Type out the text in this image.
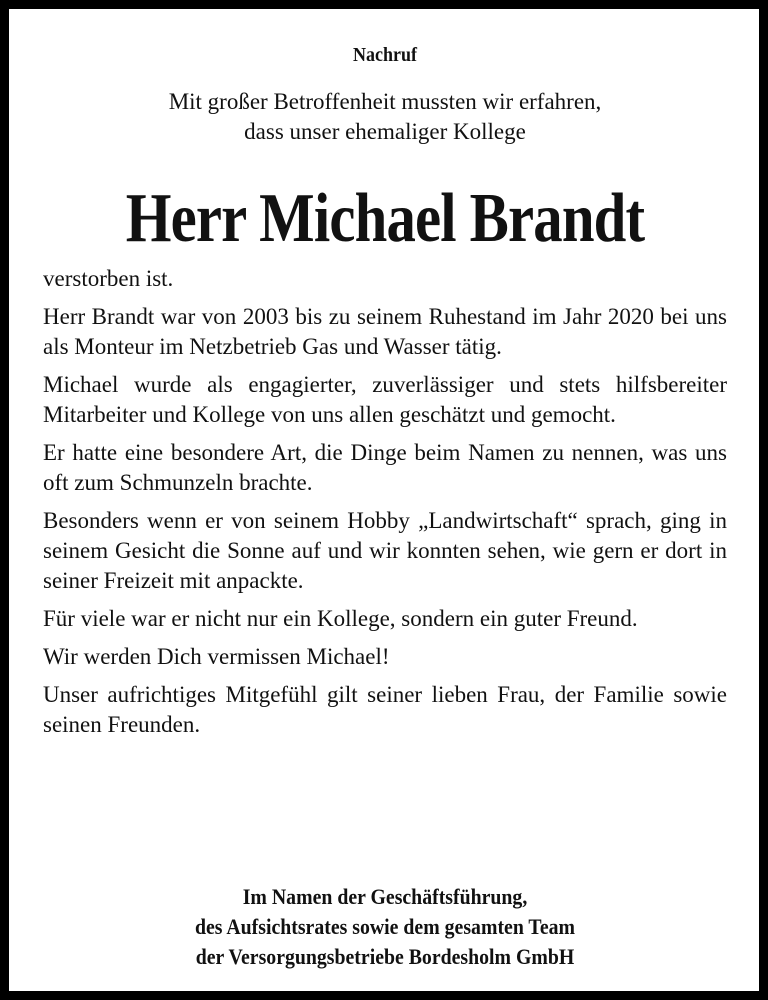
Nachruf
Mit großer Betroffenheit mussten wir erfahren,
dass unser ehemaliger Kollege
Herr Michael Brandt

verstorben ist.

Herr Brandt war von 2003 bis zu seinem Ruhestand im Jahr 2020 bei uns als Monteur im Netzbetrieb Gas und Wasser tätig.

Michael wurde als engagierter, zuverlässiger und stets hilfsbereiter Mitarbeiter und Kollege von uns allen geschätzt und gemocht.

Er hatte eine besondere Art, die Dinge beim Namen zu nennen, was uns oft zum Schmunzeln brachte.

Besonders wenn er von seinem Hobby „Landwirtschaft“ sprach, ging in seinem Gesicht die Sonne auf und wir konnten sehen, wie gern er dort in seiner Freizeit mit anpackte.

Für viele war er nicht nur ein Kollege, sondern ein guter Freund.

Wir werden Dich vermissen Michael!

Unser aufrichtiges Mitgefühl gilt seiner lieben Frau, der Familie sowie seinen Freunden.

Im Namen der Geschäftsführung,
des Aufsichtsrates sowie dem gesamten Team
der Versorgungsbetriebe Bordesholm GmbH
